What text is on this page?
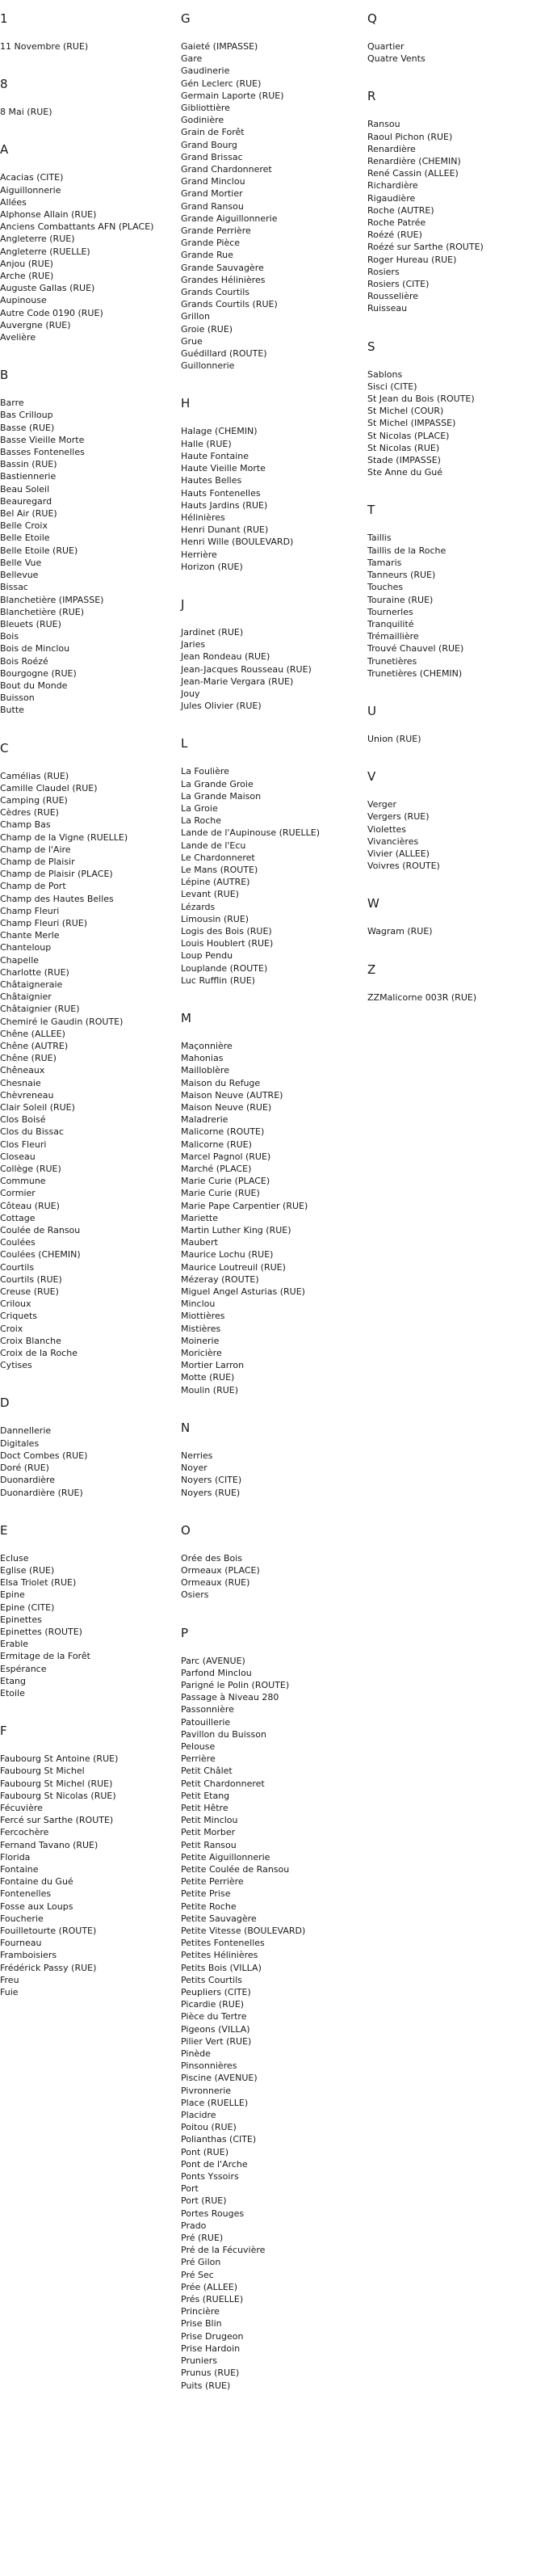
1
11 Novembre (RUE)
8
8 Mai (RUE)
A
Acacias (CITE)
Aiguillonnerie
Allées
Alphonse Allain (RUE)
Anciens Combattants AFN (PLACE)
Angleterre (RUE)
Angleterre (RUELLE)
Anjou (RUE)
Arche (RUE)
Auguste Gallas (RUE)
Aupinouse
Autre Code 0190 (RUE)
Auvergne (RUE)
Avelière
B
Barre
Bas Crilloup
Basse (RUE)
Basse Vieille Morte
Basses Fontenelles
Bassin (RUE)
Bastiennerie
Beau Soleil
Beauregard
Bel Air (RUE)
Belle Croix
Belle Etoile
Belle Etoile (RUE)
Belle Vue
Bellevue
Bissac
Blanchetière (IMPASSE)
Blanchetière (RUE)
Bleuets (RUE)
Bois
Bois de Minclou
Bois Roézé
Bourgogne (RUE)
Bout du Monde
Buisson
Butte
C
Camélias (RUE)
Camille Claudel (RUE)
Camping (RUE)
Cèdres (RUE)
Champ Bas
Champ de la Vigne (RUELLE)
Champ de l'Aire
Champ de Plaisir
Champ de Plaisir (PLACE)
Champ de Port
Champ des Hautes Belles
Champ Fleuri
Champ Fleuri (RUE)
Chante Merle
Chanteloup
Chapelle
Charlotte (RUE)
Châtaigneraie
Châtaignier
Châtaignier (RUE)
Chemiré le Gaudin (ROUTE)
Chêne (ALLEE)
Chêne (AUTRE)
Chêne (RUE)
Chêneaux
Chesnaie
Chèvreneau
Clair Soleil (RUE)
Clos Boisé
Clos du Bissac
Clos Fleuri
Closeau
Collège (RUE)
Commune
Cormier
Côteau (RUE)
Cottage
Coulée de Ransou
Coulées
Coulées (CHEMIN)
Courtils
Courtils (RUE)
Creuse (RUE)
Criloux
Criquets
Croix
Croix Blanche
Croix de la Roche
Cytises
D
Dannellerie
Digitales
Doct Combes (RUE)
Doré (RUE)
Duonardière
Duonardière (RUE)
E
Ecluse
Eglise (RUE)
Elsa Triolet (RUE)
Epine
Epine (CITE)
Epinettes
Epinettes (ROUTE)
Erable
Ermitage de la Forêt
Espérance
Etang
Etoile
F
Faubourg St Antoine (RUE)
Faubourg St Michel
Faubourg St Michel (RUE)
Faubourg St Nicolas (RUE)
Fécuvière
Fercé sur Sarthe (ROUTE)
Fercochère
Fernand Tavano (RUE)
Florida
Fontaine
Fontaine du Gué
Fontenelles
Fosse aux Loups
Foucherie
Fouilletourte (ROUTE)
Fourneau
Framboisiers
Frédérick Passy (RUE)
Freu
Fuie
G
Gaieté (IMPASSE)
Gare
Gaudinerie
Gén Leclerc (RUE)
Germain Laporte (RUE)
Gibliottière
Godinière
Grain de Forêt
Grand Bourg
Grand Brissac
Grand Chardonneret
Grand Minclou
Grand Mortier
Grand Ransou
Grande Aiguillonnerie
Grande Perrière
Grande Pièce
Grande Rue
Grande Sauvagère
Grandes Hélinières
Grands Courtils
Grands Courtils (RUE)
Grillon
Groie (RUE)
Grue
Guédillard (ROUTE)
Guillonnerie
H
Halage (CHEMIN)
Halle (RUE)
Haute Fontaine
Haute Vieille Morte
Hautes Belles
Hauts Fontenelles
Hauts Jardins (RUE)
Hélinières
Henri Dunant (RUE)
Henri Wille (BOULEVARD)
Herrière
Horizon (RUE)
J
Jardinet (RUE)
Jaries
Jean Rondeau (RUE)
Jean-Jacques Rousseau (RUE)
Jean-Marie Vergara (RUE)
Jouy
Jules Olivier (RUE)
L
La Foulière
La Grande Groie
La Grande Maison
La Groie
La Roche
Lande de l'Aupinouse (RUELLE)
Lande de l'Ecu
Le Chardonneret
Le Mans (ROUTE)
Lépine (AUTRE)
Levant (RUE)
Lézards
Limousin (RUE)
Logis des Bois (RUE)
Louis Houblert (RUE)
Loup Pendu
Louplande (ROUTE)
Luc Rufflin (RUE)
M
Maçonnière
Mahonias
Mailloblère
Maison du Refuge
Maison Neuve (AUTRE)
Maison Neuve (RUE)
Maladrerie
Malicorne (ROUTE)
Malicorne (RUE)
Marcel Pagnol (RUE)
Marché (PLACE)
Marie Curie (PLACE)
Marie Curie (RUE)
Marie Pape Carpentier (RUE)
Mariette
Martin Luther King (RUE)
Maubert
Maurice Lochu (RUE)
Maurice Loutreuil (RUE)
Mézeray (ROUTE)
Miguel Angel Asturias (RUE)
Minclou
Miottières
Mistières
Moinerie
Moricière
Mortier Larron
Motte (RUE)
Moulin (RUE)
N
Nerries
Noyer
Noyers (CITE)
Noyers (RUE)
O
Orée des Bois
Ormeaux (PLACE)
Ormeaux (RUE)
Osiers
P
Parc (AVENUE)
Parfond Minclou
Parigné le Polin (ROUTE)
Passage à Niveau 280
Passonnière
Patouillerie
Pavillon du Buisson
Pelouse
Perrière
Petit Châlet
Petit Chardonneret
Petit Etang
Petit Hêtre
Petit Minclou
Petit Morber
Petit Ransou
Petite Aiguillonnerie
Petite Coulée de Ransou
Petite Perrière
Petite Prise
Petite Roche
Petite Sauvagère
Petite Vitesse (BOULEVARD)
Petites Fontenelles
Petites Hélinières
Petits Bois (VILLA)
Petits Courtils
Peupliers (CITE)
Picardie (RUE)
Pièce du Tertre
Pigeons (VILLA)
Pilier Vert (RUE)
Pinède
Pinsonnières
Piscine (AVENUE)
Pivronnerie
Place (RUELLE)
Placidre
Poitou (RUE)
Polianthas (CITE)
Pont (RUE)
Pont de l'Arche
Ponts Yssoirs
Port
Port (RUE)
Portes Rouges
Prado
Pré (RUE)
Pré de la Fécuvière
Pré Gilon
Pré Sec
Prée (ALLEE)
Prés (RUELLE)
Princière
Prise Blin
Prise Drugeon
Prise Hardoin
Pruniers
Prunus (RUE)
Puits (RUE)
Q
Quartier
Quatre Vents
R
Ransou
Raoul Pichon (RUE)
Renardière
Renardière (CHEMIN)
René Cassin (ALLEE)
Richardière
Rigaudière
Roche (AUTRE)
Roche Patrée
Roézé (RUE)
Roézé sur Sarthe (ROUTE)
Roger Hureau (RUE)
Rosiers
Rosiers (CITE)
Rousselière
Ruisseau
S
Sablons
Sisci (CITE)
St Jean du Bois (ROUTE)
St Michel (COUR)
St Michel (IMPASSE)
St Nicolas (PLACE)
St Nicolas (RUE)
Stade (IMPASSE)
Ste Anne du Gué
T
Taillis
Taillis de la Roche
Tamaris
Tanneurs (RUE)
Touches
Touraine (RUE)
Tournerles
Tranquilité
Trémaillière
Trouvé Chauvel (RUE)
Trunetières
Trunetières (CHEMIN)
U
Union (RUE)
V
Verger
Vergers (RUE)
Violettes
Vivancières
Vivier (ALLEE)
Voivres (ROUTE)
W
Wagram (RUE)
Z
ZZMalicorne 003R (RUE)
